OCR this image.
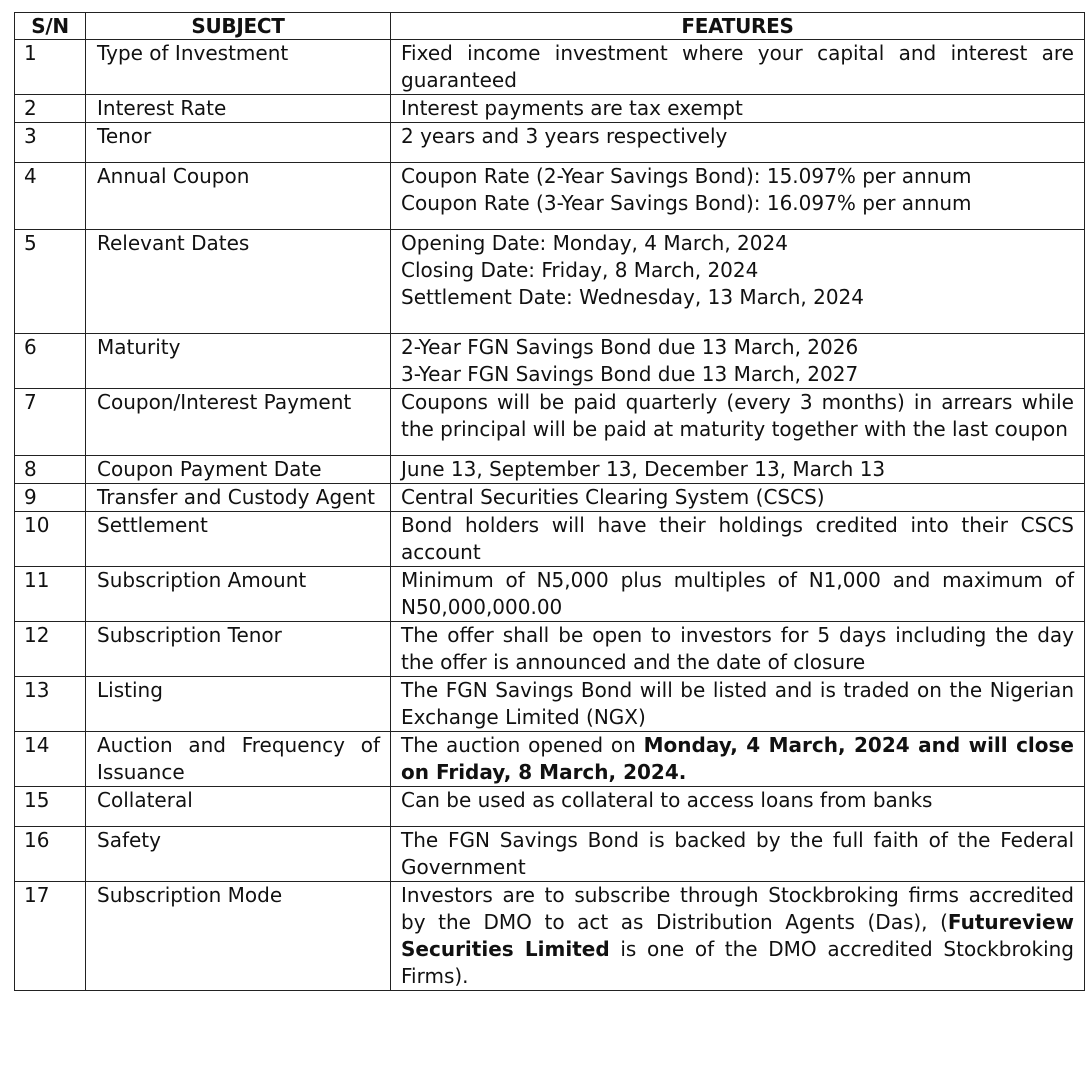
S/N	SUBJECT	FEATURES
1	Type of Investment	Fixed income investment where your capital and interest are guaranteed
2	Interest Rate	Interest payments are tax exempt
3	Tenor	2 years and 3 years respectively
4	Annual Coupon	Coupon Rate (2-Year Savings Bond): 15.097% per annum
Coupon Rate (3-Year Savings Bond): 16.097% per annum

5	Relevant Dates	Opening Date: Monday, 4 March, 2024
Closing Date: Friday, 8 March, 2024
Settlement Date: Wednesday, 13 March, 2024

6	Maturity	2-Year FGN Savings Bond due 13 March, 2026
3-Year FGN Savings Bond due 13 March, 2027

7	Coupon/Interest Payment	Coupons will be paid quarterly (every 3 months) in arrears while the principal will be paid at maturity together with the last coupon
8	Coupon Payment Date	June 13, September 13, December 13, March 13
9	Transfer and Custody Agent	Central Securities Clearing System (CSCS)
10	Settlement	Bond holders will have their holdings credited into their CSCS account
11	Subscription Amount	Minimum of N5,000 plus multiples of N1,000 and maximum of N50,000,000.00
12	Subscription Tenor	The offer shall be open to investors for 5 days including the day the offer is announced and the date of closure
13	Listing	The FGN Savings Bond will be listed and is traded on the Nigerian Exchange Limited (NGX)
14	Auction and Frequency of Issuance	The auction opened on Monday, 4 March, 2024 and will close on Friday, 8 March, 2024.
15	Collateral	Can be used as collateral to access loans from banks
16	Safety	The FGN Savings Bond is backed by the full faith of the Federal Government
17	Subscription Mode	Investors are to subscribe through Stockbroking firms accredited by the DMO to act as Distribution Agents (Das), (Futureview Securities Limited is one of the DMO accredited Stockbroking Firms).
